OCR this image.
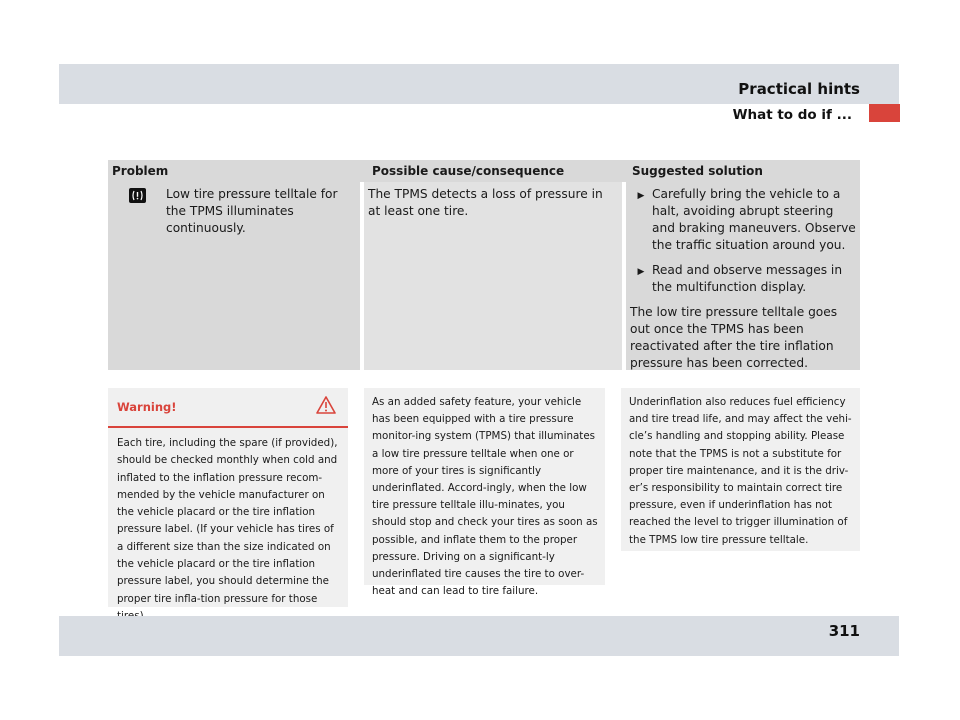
Practical hints
What to do if ...
Problem	Possible cause/consequence	Suggested solution
Low tire pressure telltale for the TPMS illuminates continuously.
The TPMS detects a loss of pressure in at least one tire.
▶ Carefully bring the vehicle to a halt, avoiding abrupt steering and braking maneuvers. Observe the traffic situation around you.
▶ Read and observe messages in the multifunction display.
The low tire pressure telltale goes out once the TPMS has been reactivated after the tire inflation pressure has been corrected.
Warning!
Each tire, including the spare (if provided), should be checked monthly when cold and inflated to the inflation pressure recom-mended by the vehicle manufacturer on the vehicle placard or the tire inflation pressure label. (If your vehicle has tires of a different size than the size indicated on the vehicle placard or the tire inflation pressure label, you should determine the proper tire infla-tion pressure for those
As an added safety feature, your vehicle has been equipped with a tire pressure monitor-ing system (TPMS) that illuminates a low tire pressure telltale when one or more of your tires is significantly underinflated. Accord-ingly, when the low tire pressure telltale illu-minates, you should stop and check your tires as soon as possible, and inflate them to the proper pressure. Driving on a significant-ly underinflated tire causes the tire to over-heat and can lead to tire failure.
Underinflation also reduces fuel efficiency and tire tread life, and may affect the vehi-cle’s handling and stopping ability. Please note that the TPMS is not a substitute for proper tire maintenance, and it is the driv-er’s responsibility to maintain correct tire pressure, even if underinflation has not reached the level to trigger illumination of the TPMS low tire pressure telltale.
311
